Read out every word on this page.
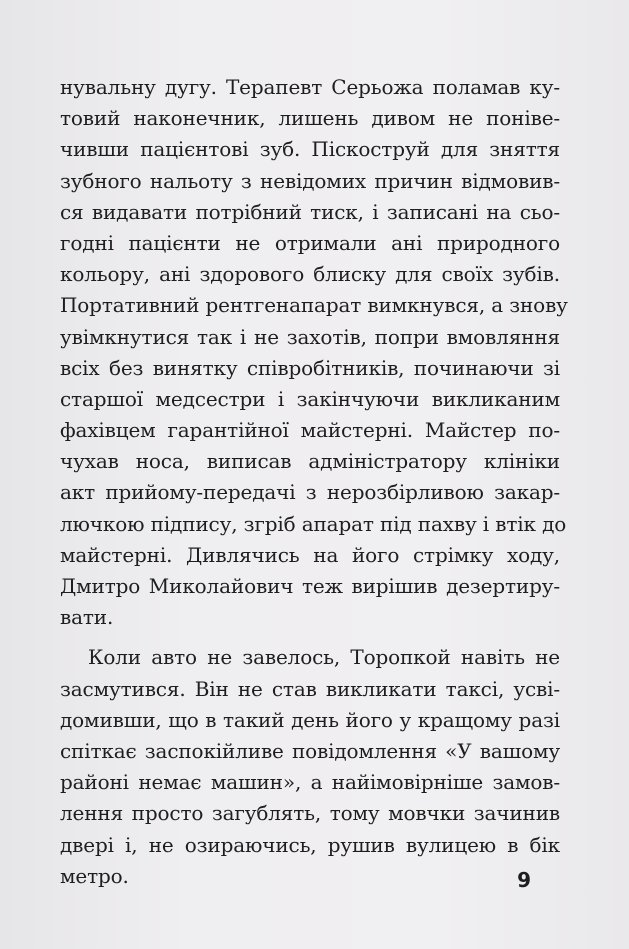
нувальну дугу. Терапевт Серьожа поламав ку-
товий наконечник, лишень дивом не поніве-
чивши пацієнтові зуб. Піскоструй для зняття
зубного нальоту з невідомих причин відмовив-
ся видавати потрібний тиск, і записані на сьо-
годні пацієнти не отримали ані природного
кольору, ані здорового блиску для своїх зубів.
Портативний рентгенапарат вимкнувся, а знову
увімкнутися так і не захотів, попри вмовляння
всіх без винятку співробітників, починаючи зі
старшої медсестри і закінчуючи викликаним
фахівцем гарантійної майстерні. Майстер по-
чухав носа, виписав адміністратору клініки
акт прийому-передачі з нерозбірливою закар-
лючкою підпису, згріб апарат під пахву і втік до
майстерні. Дивлячись на його стрімку ходу,
Дмитро Миколайович теж вирішив дезертиру-
вати.
Коли авто не завелось, Торопкой навіть не
засмутився. Він не став викликати таксі, усві-
домивши, що в такий день його у кращому разі
спіткає заспокійливе повідомлення «У вашому
районі немає машин», а найімовірніше замов-
лення просто загублять, тому мовчки зачинив
двері і, не озираючись, рушив вулицею в бік
метро.	9
